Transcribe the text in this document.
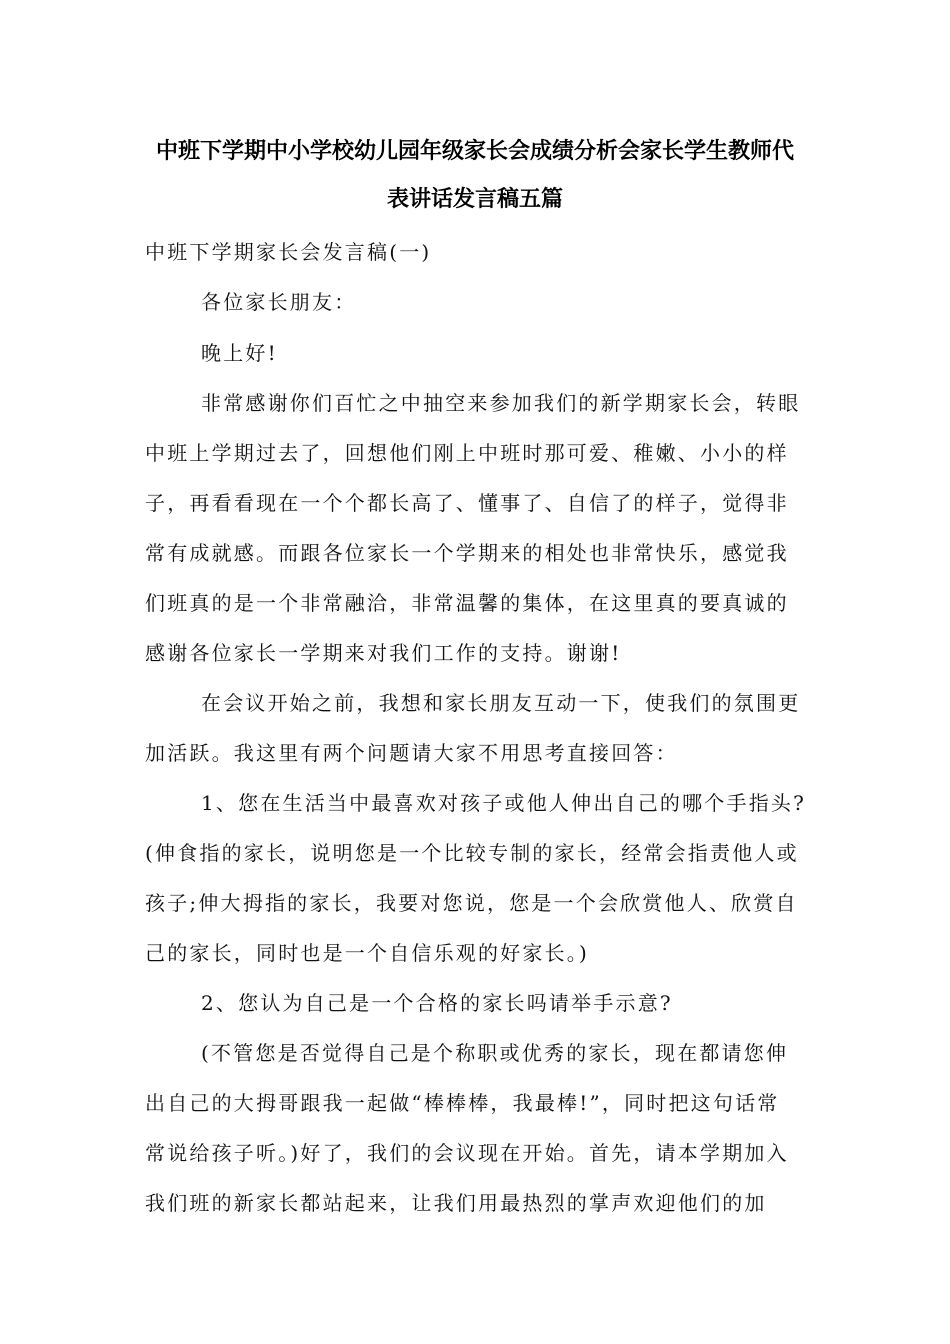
中班下学期中小学校幼儿园年级家长会成绩分析会家长学生教师代
表讲话发言稿五篇
中班下学期家长会发言稿(一)
各位家长朋友：
晚上好!
非常感谢你们百忙之中抽空来参加我们的新学期家长会，转眼
中班上学期过去了，回想他们刚上中班时那可爱、稚嫩、小小的样
子，再看看现在一个个都长高了、懂事了、自信了的样子，觉得非
常有成就感。而跟各位家长一个学期来的相处也非常快乐，感觉我
们班真的是一个非常融洽，非常温馨的集体，在这里真的要真诚的
感谢各位家长一学期来对我们工作的支持。谢谢!
在会议开始之前，我想和家长朋友互动一下，使我们的氛围更
加活跃。我这里有两个问题请大家不用思考直接回答：
1、您在生活当中最喜欢对孩子或他人伸出自己的哪个手指头?
(伸食指的家长，说明您是一个比较专制的家长，经常会指责他人或
孩子;伸大拇指的家长，我要对您说，您是一个会欣赏他人、欣赏自
己的家长，同时也是一个自信乐观的好家长。)
2、您认为自己是一个合格的家长吗请举手示意?
(不管您是否觉得自己是个称职或优秀的家长，现在都请您伸
出自己的大拇哥跟我一起做“棒棒棒，我最棒!”，同时把这句话常
常说给孩子听。)好了，我们的会议现在开始。首先，请本学期加入
我们班的新家长都站起来，让我们用最热烈的掌声欢迎他们的加
